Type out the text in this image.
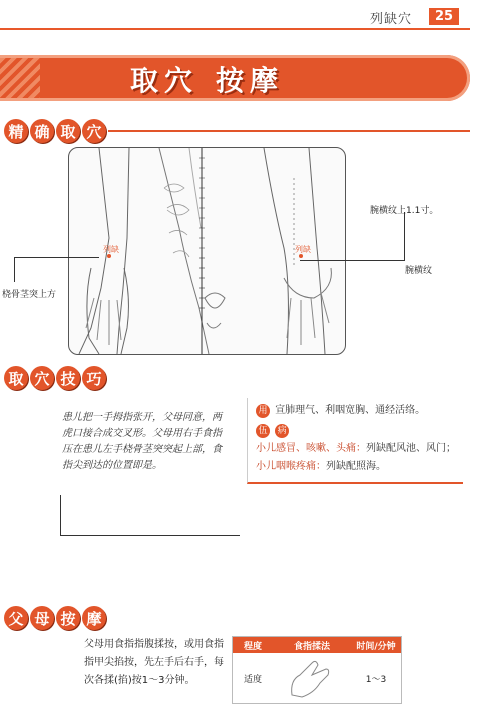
列缺穴	25
取穴 按摩
精 确 取 穴
列缺	列缺
桡骨茎突上方
腕横纹上1.1寸。
腕横纹
取 穴 技 巧
患儿把一手拇指张开，父母同意，两虎口接合成交叉形。父母用右手食指压在患儿左手桡骨茎突突起上部，食指尖到达的位置即是。
用 宣肺理气、利咽宽胸、通经活络。
伍 病
小儿感冒、咳嗽、头痛：列缺配风池、风门；
小儿咽喉疼痛：列缺配照海。
父 母 按 摩
父母用食指指腹揉按，或用食指指甲尖掐按，先左手后右手，每次各揉(掐)按1～3分钟。
程度	食指揉法	时间/分钟
适度	1～3
